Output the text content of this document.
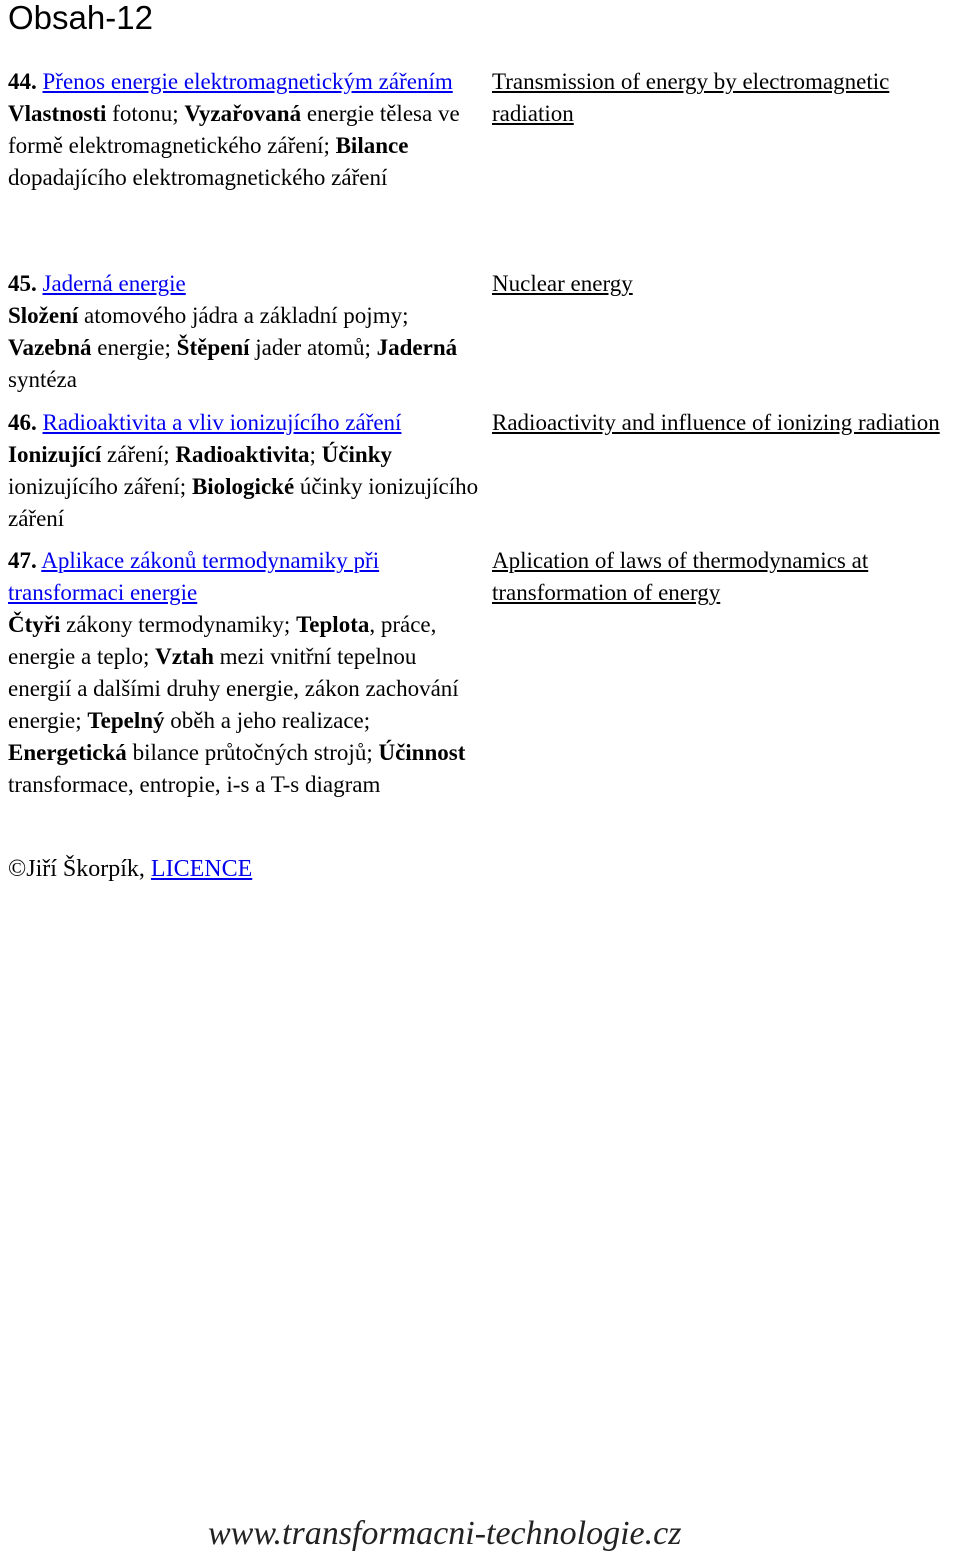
Obsah-12

44. Přenos energie elektromagnetickým zářením

Vlastnosti fotonu; Vyzařovaná energie tělesa ve formě elektromagnetického záření; Bilance dopadajícího elektromagnetického záření

Transmission of energy by electromagnetic radiation

45. Jaderná energie

Složení atomového jádra a základní pojmy; Vazebná energie; Štěpení jader atomů; Jaderná syntéza

Nuclear energy

46. Radioaktivita a vliv ionizujícího záření

Ionizující záření; Radioaktivita; Účinky ionizujícího záření; Biologické účinky ionizujícího záření

Radioactivity and influence of ionizing radiation

47. Aplikace zákonů termodynamiky při transformaci energie

Čtyři zákony termodynamiky; Teplota, práce, energie a teplo; Vztah mezi vnitřní tepelnou energií a dalšími druhy energie, zákon zachování energie; Tepelný oběh a jeho realizace; Energetická bilance průtočných strojů; Účinnost transformace, entropie, i-s a T-s diagram

Aplication of laws of thermodynamics at transformation of energy

©Jiří Škorpík, LICENCE
www.transformacni-technologie.cz
